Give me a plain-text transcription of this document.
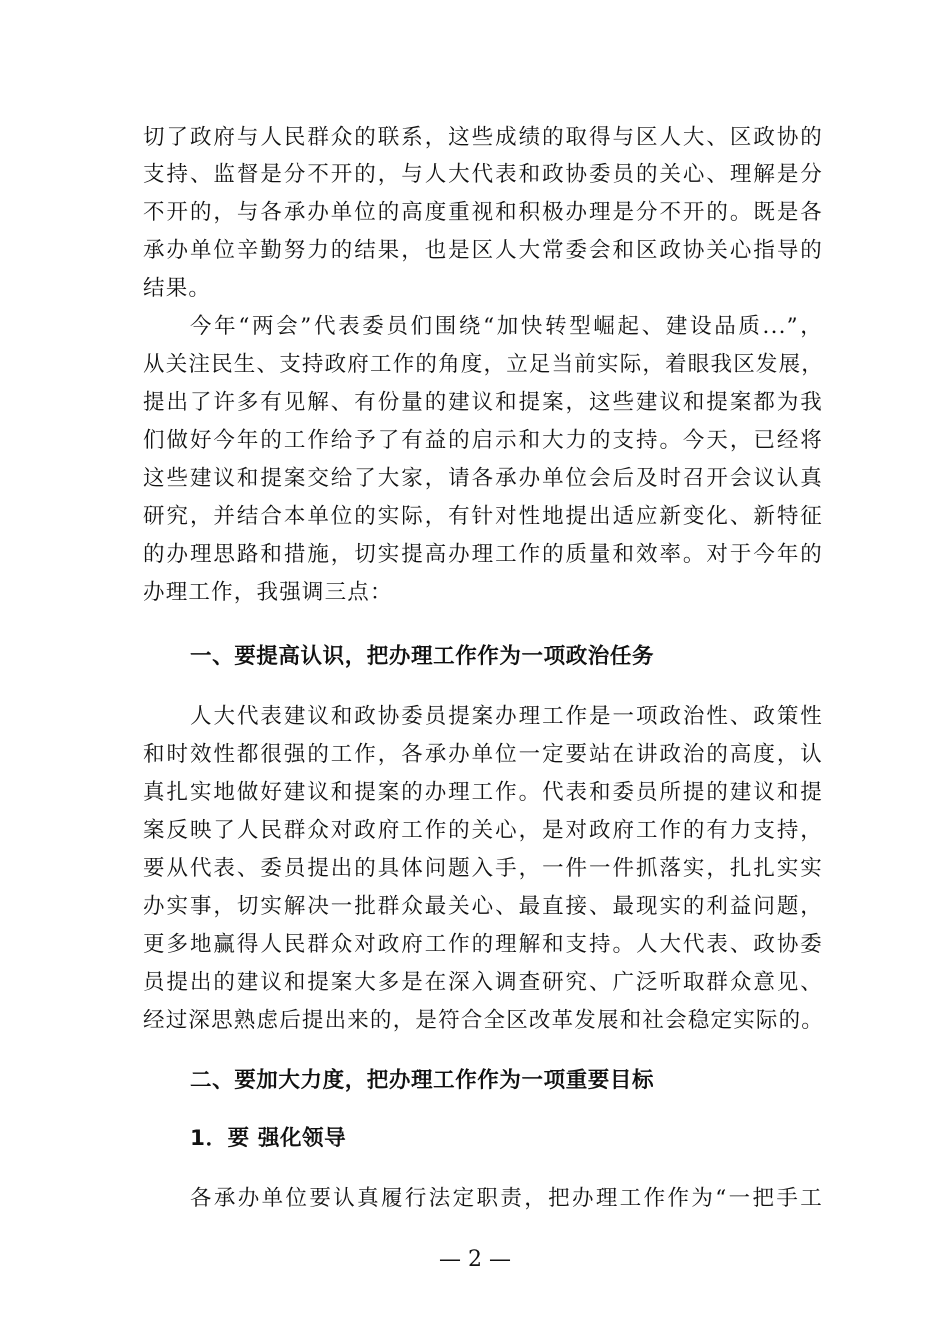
切了政府与人民群众的联系，这些成绩的取得与区人大、区政协的
支持、监督是分不开的，与人大代表和政协委员的关心、理解是分
不开的，与各承办单位的高度重视和积极办理是分不开的。既是各
承办单位辛勤努力的结果，也是区人大常委会和区政协关心指导的
结果。
今年“两会”代表委员们围绕“加快转型崛起、建设品质...”，
从关注民生、支持政府工作的角度，立足当前实际，着眼我区发展，
提出了许多有见解、有份量的建议和提案，这些建议和提案都为我
们做好今年的工作给予了有益的启示和大力的支持。今天，已经将
这些建议和提案交给了大家，请各承办单位会后及时召开会议认真
研究，并结合本单位的实际，有针对性地提出适应新变化、新特征
的办理思路和措施，切实提高办理工作的质量和效率。对于今年的
办理工作，我强调三点：
一、要提高认识，把办理工作作为一项政治任务
人大代表建议和政协委员提案办理工作是一项政治性、政策性
和时效性都很强的工作，各承办单位一定要站在讲政治的高度，认
真扎实地做好建议和提案的办理工作。代表和委员所提的建议和提
案反映了人民群众对政府工作的关心，是对政府工作的有力支持，
要从代表、委员提出的具体问题入手，一件一件抓落实，扎扎实实
办实事，切实解决一批群众最关心、最直接、最现实的利益问题，
更多地赢得人民群众对政府工作的理解和支持。人大代表、政协委
员提出的建议和提案大多是在深入调查研究、广泛听取群众意见、
经过深思熟虑后提出来的，是符合全区改革发展和社会稳定实际的。
二、要加大力度，把办理工作作为一项重要目标
1．要 强化领导
各承办单位要认真履行法定职责，把办理工作作为“一把手工
— 2 —
